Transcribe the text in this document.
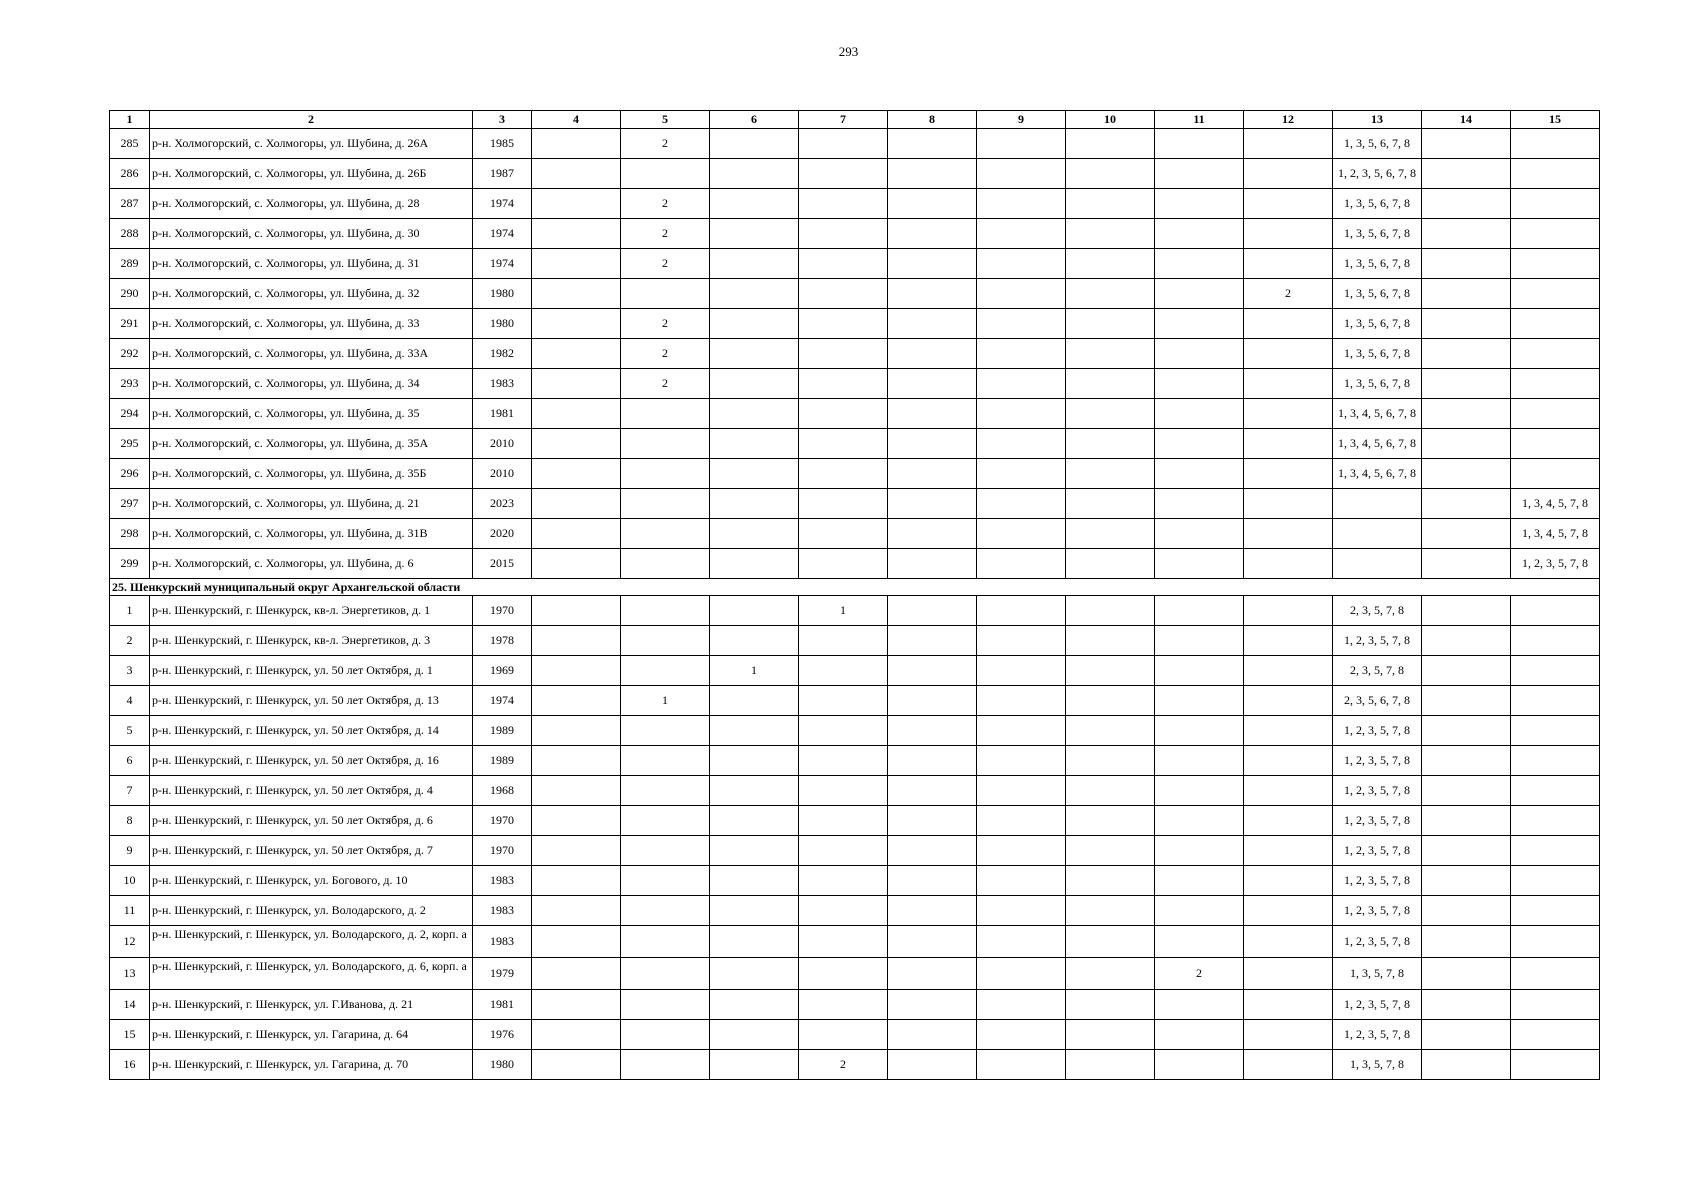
293
1	2	3	4	5	6	7	8	9	10	11	12	13	14	15
285	р-н. Холмогорский, с. Холмогоры, ул. Шубина, д. 26А	1985		2								1, 3, 5, 6, 7, 8		
286	р-н. Холмогорский, с. Холмогоры, ул. Шубина, д. 26Б	1987										1, 2, 3, 5, 6, 7, 8		
287	р-н. Холмогорский, с. Холмогоры, ул. Шубина, д. 28	1974		2								1, 3, 5, 6, 7, 8		
288	р-н. Холмогорский, с. Холмогоры, ул. Шубина, д. 30	1974		2								1, 3, 5, 6, 7, 8		
289	р-н. Холмогорский, с. Холмогоры, ул. Шубина, д. 31	1974		2								1, 3, 5, 6, 7, 8		
290	р-н. Холмогорский, с. Холмогоры, ул. Шубина, д. 32	1980									2	1, 3, 5, 6, 7, 8		
291	р-н. Холмогорский, с. Холмогоры, ул. Шубина, д. 33	1980		2								1, 3, 5, 6, 7, 8		
292	р-н. Холмогорский, с. Холмогоры, ул. Шубина, д. 33А	1982		2								1, 3, 5, 6, 7, 8		
293	р-н. Холмогорский, с. Холмогоры, ул. Шубина, д. 34	1983		2								1, 3, 5, 6, 7, 8		
294	р-н. Холмогорский, с. Холмогоры, ул. Шубина, д. 35	1981										1, 3, 4, 5, 6, 7, 8		
295	р-н. Холмогорский, с. Холмогоры, ул. Шубина, д. 35А	2010										1, 3, 4, 5, 6, 7, 8		
296	р-н. Холмогорский, с. Холмогоры, ул. Шубина, д. 35Б	2010										1, 3, 4, 5, 6, 7, 8		
297	р-н. Холмогорский, с. Холмогоры, ул. Шубина, д. 21	2023												1, 3, 4, 5, 7, 8
298	р-н. Холмогорский, с. Холмогоры, ул. Шубина, д. 31В	2020												1, 3, 4, 5, 7, 8
299	р-н. Холмогорский, с. Холмогоры, ул. Шубина, д. 6	2015												1, 2, 3, 5, 7, 8
25. Шенкурский муниципальный округ Архангельской области														
1	р-н. Шенкурский, г. Шенкурск, кв-л. Энергетиков, д. 1	1970				1						2, 3, 5, 7, 8		
2	р-н. Шенкурский, г. Шенкурск, кв-л. Энергетиков, д. 3	1978										1, 2, 3, 5, 7, 8		
3	р-н. Шенкурский, г. Шенкурск, ул. 50 лет Октября, д. 1	1969			1							2, 3, 5, 7, 8		
4	р-н. Шенкурский, г. Шенкурск, ул. 50 лет Октября, д. 13	1974		1								2, 3, 5, 6, 7, 8		
5	р-н. Шенкурский, г. Шенкурск, ул. 50 лет Октября, д. 14	1989										1, 2, 3, 5, 7, 8		
6	р-н. Шенкурский, г. Шенкурск, ул. 50 лет Октября, д. 16	1989										1, 2, 3, 5, 7, 8		
7	р-н. Шенкурский, г. Шенкурск, ул. 50 лет Октября, д. 4	1968										1, 2, 3, 5, 7, 8		
8	р-н. Шенкурский, г. Шенкурск, ул. 50 лет Октября, д. 6	1970										1, 2, 3, 5, 7, 8		
9	р-н. Шенкурский, г. Шенкурск, ул. 50 лет Октября, д. 7	1970										1, 2, 3, 5, 7, 8		
10	р-н. Шенкурский, г. Шенкурск, ул. Богового, д. 10	1983										1, 2, 3, 5, 7, 8		
11	р-н. Шенкурский, г. Шенкурск, ул. Володарского, д. 2	1983										1, 2, 3, 5, 7, 8		
12	р-н. Шенкурский, г. Шенкурск, ул. Володарского, д. 2, корп. а	1983										1, 2, 3, 5, 7, 8		
13	р-н. Шенкурский, г. Шенкурск, ул. Володарского, д. 6, корп. а	1979								2		1, 3, 5, 7, 8		
14	р-н. Шенкурский, г. Шенкурск, ул. Г.Иванова, д. 21	1981										1, 2, 3, 5, 7, 8		
15	р-н. Шенкурский, г. Шенкурск, ул. Гагарина, д. 64	1976										1, 2, 3, 5, 7, 8		
16	р-н. Шенкурский, г. Шенкурск, ул. Гагарина, д. 70	1980				2						1, 3, 5, 7, 8		
